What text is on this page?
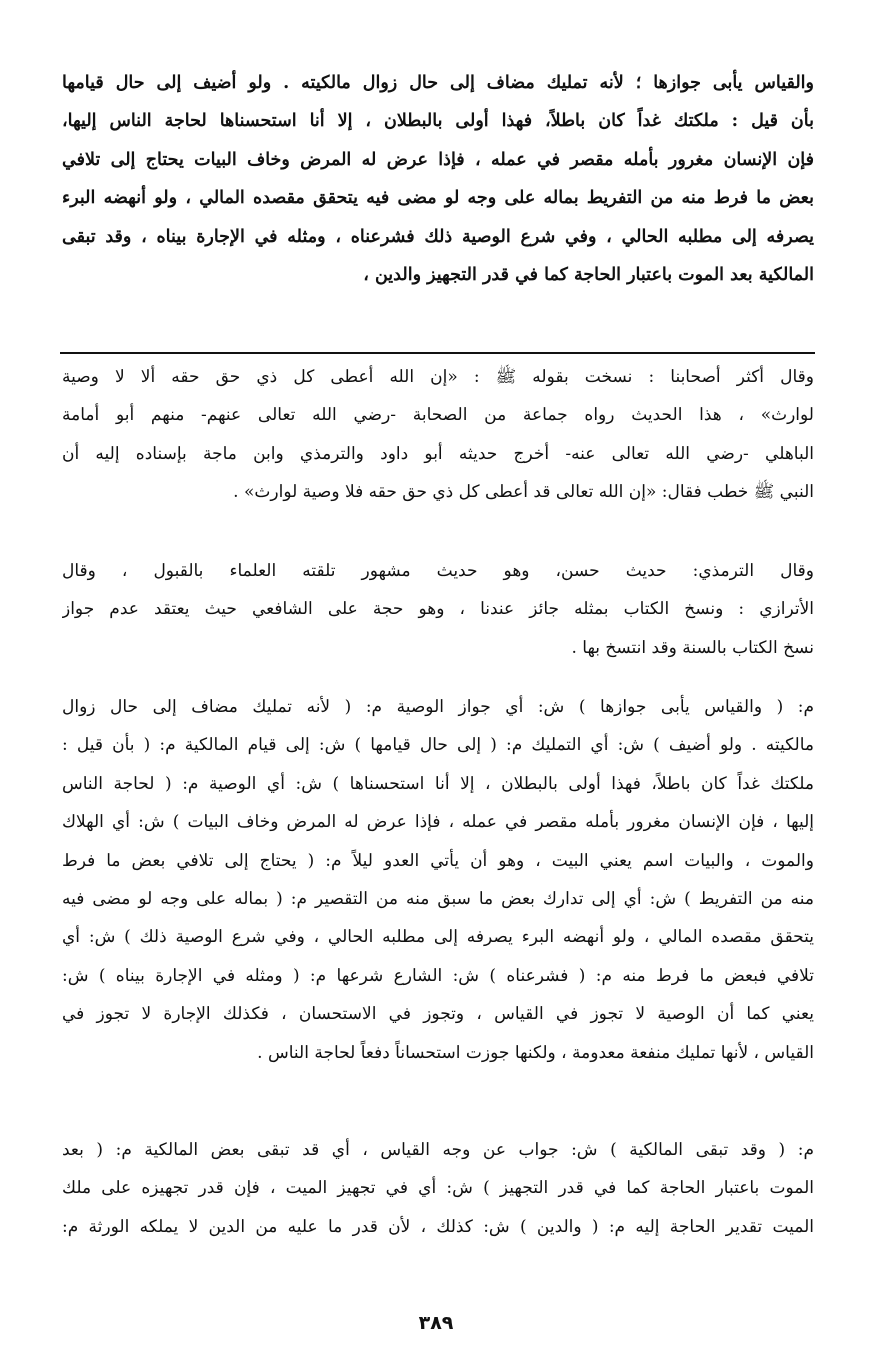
والقياس يأبى جوازها ؛ لأنه تمليك مضاف إلى حال زوال مالكيته . ولو أضيف إلى حال قيامها
بأن قيل : ملكتك غداً كان باطلاً، فهذا أولى بالبطلان ، إلا أنا استحسناها لحاجة الناس إليها،
فإن الإنسان مغرور بأمله مقصر في عمله ، فإذا عرض له المرض وخاف البيات يحتاج إلى تلافي
بعض ما فرط منه من التفريط بماله على وجه لو مضى فيه يتحقق مقصده المالي ، ولو أنهضه البرء
يصرفه إلى مطلبه الحالي ، وفي شرع الوصية ذلك فشرعناه ، ومثله في الإجارة بيناه ، وقد تبقى
المالكية بعد الموت باعتبار الحاجة كما في قدر التجهيز والدين ،
وقال أكثر أصحابنا : نسخت بقوله ﷺ : «إن الله أعطى كل ذي حق حقه ألا لا وصية
لوارث» ، هذا الحديث رواه جماعة من الصحابة -رضي الله تعالى عنهم- منهم أبو أمامة
الباهلي -رضي الله تعالى عنه- أخرج حديثه أبو داود والترمذي وابن ماجة بإسناده إليه أن
النبي ﷺ خطب فقال: «إن الله تعالى قد أعطى كل ذي حق حقه فلا وصية لوارث» .
وقال الترمذي: حديث حسن، وهو حديث مشهور تلقته العلماء بالقبول ، وقال
الأترازي : ونسخ الكتاب بمثله جائز عندنا ، وهو حجة على الشافعي حيث يعتقد عدم جواز
نسخ الكتاب بالسنة وقد انتسخ بها .
م: ( والقياس يأبى جوازها ) ش: أي جواز الوصية م: ( لأنه تمليك مضاف إلى حال زوال
مالكيته . ولو أضيف ) ش: أي التمليك م: ( إلى حال قيامها ) ش: إلى قيام المالكية م: ( بأن قيل :
ملكتك غداً كان باطلاً، فهذا أولى بالبطلان ، إلا أنا استحسناها ) ش: أي الوصية م: ( لحاجة الناس
إليها ، فإن الإنسان مغرور بأمله مقصر في عمله ، فإذا عرض له المرض وخاف البيات ) ش: أي الهلاك
والموت ، والبيات اسم يعني البيت ، وهو أن يأتي العدو ليلاً م: ( يحتاج إلى تلافي بعض ما فرط
منه من التفريط ) ش: أي إلى تدارك بعض ما سبق منه من التقصير م: ( بماله على وجه لو مضى فيه
يتحقق مقصده المالي ، ولو أنهضه البرء يصرفه إلى مطلبه الحالي ، وفي شرع الوصية ذلك ) ش: أي
تلافي فبعض ما فرط منه م: ( فشرعناه ) ش: الشارع شرعها م: ( ومثله في الإجارة بيناه ) ش:
يعني كما أن الوصية لا تجوز في القياس ، وتجوز في الاستحسان ، فكذلك الإجارة لا تجوز في
القياس ، لأنها تمليك منفعة معدومة ، ولكنها جوزت استحساناً دفعاً لحاجة الناس .
م: ( وقد تبقى المالكية ) ش: جواب عن وجه القياس ، أي قد تبقى بعض المالكية م: ( بعد
الموت باعتبار الحاجة كما في قدر التجهيز ) ش: أي في تجهيز الميت ، فإن قدر تجهيزه على ملك
الميت تقدير الحاجة إليه م: ( والدين ) ش: كذلك ، لأن قدر ما عليه من الدين لا يملكه الورثة م:
٣٨٩
